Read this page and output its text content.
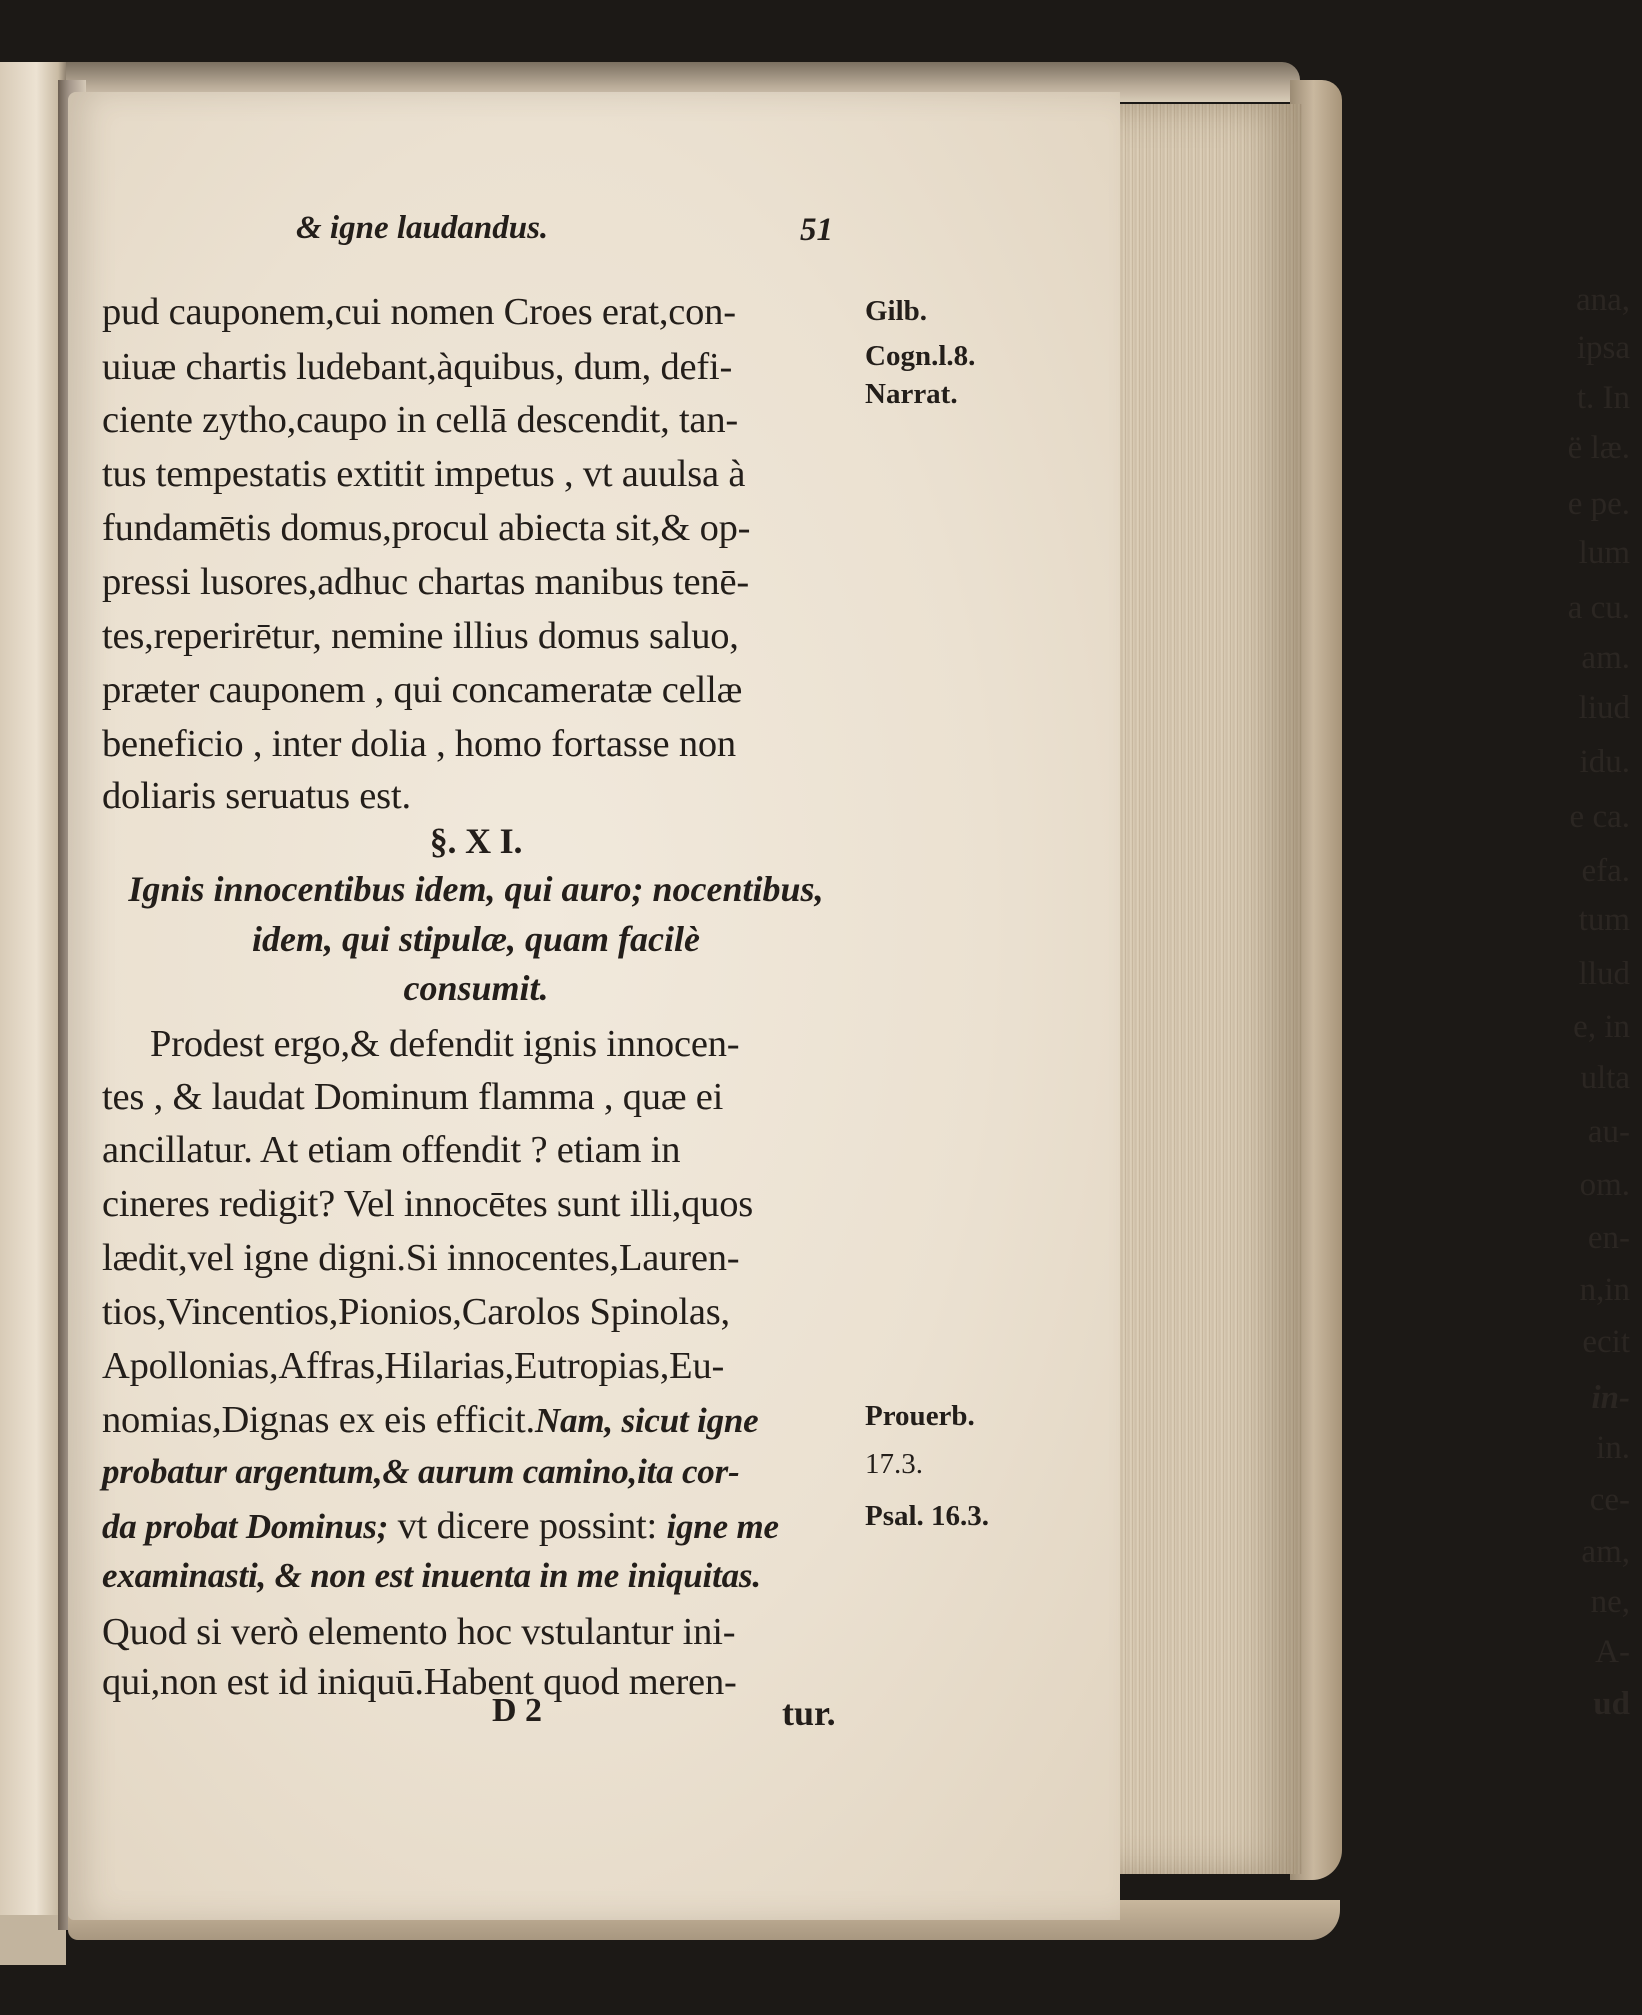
ana,
ipsa
t. In
ë læ.
e pe.
lum
a cu.
am.
liud
idu.
e ca.
efa.
tum
llud
e, in
ulta
au-
om.
en-
n,in
ecit
in-
in.
ce-
am,
ne,
A-
ud
& igne laudandus.	51
pud cauponem,cui nomen Croes erat,con-
uiuæ chartis ludebant,àquibus, dum, defi-
ciente zytho,caupo in cellā descendit, tan-
tus tempestatis extitit impetus , vt auulsa à
fundamētis domus,procul abiecta sit,& op-
pressi lusores,adhuc chartas manibus tenē-
tes,reperirētur, nemine illius domus saluo,
præter cauponem , qui concameratæ cellæ
beneficio , inter dolia , homo fortasse non
doliaris seruatus est.
§. X I.
Ignis innocentibus idem, qui auro; nocentibus,
idem, qui stipulæ, quam facilè
consumit.
Prodest ergo,& defendit ignis innocen-
tes , & laudat Dominum flamma , quæ ei
ancillatur. At etiam offendit ? etiam in
cineres redigit? Vel innocētes sunt illi,quos
lædit,vel igne digni.Si innocentes,Lauren-
tios,Vincentios,Pionios,Carolos Spinolas,
Apollonias,Affras,Hilarias,Eutropias,Eu-
nomias,Dignas ex eis efficit.Nam, sicut igne
probatur argentum,& aurum camino,ita cor-
da probat Dominus; vt dicere possint: igne me
examinasti, & non est inuenta in me iniquitas.
Quod si verò elemento hoc vstulantur ini-
qui,non est id iniquū.Habent quod meren-
D 2	tur.
Gilb.
Cogn.l.8.
Narrat.
Prouerb.
17.3.
Psal. 16.3.
